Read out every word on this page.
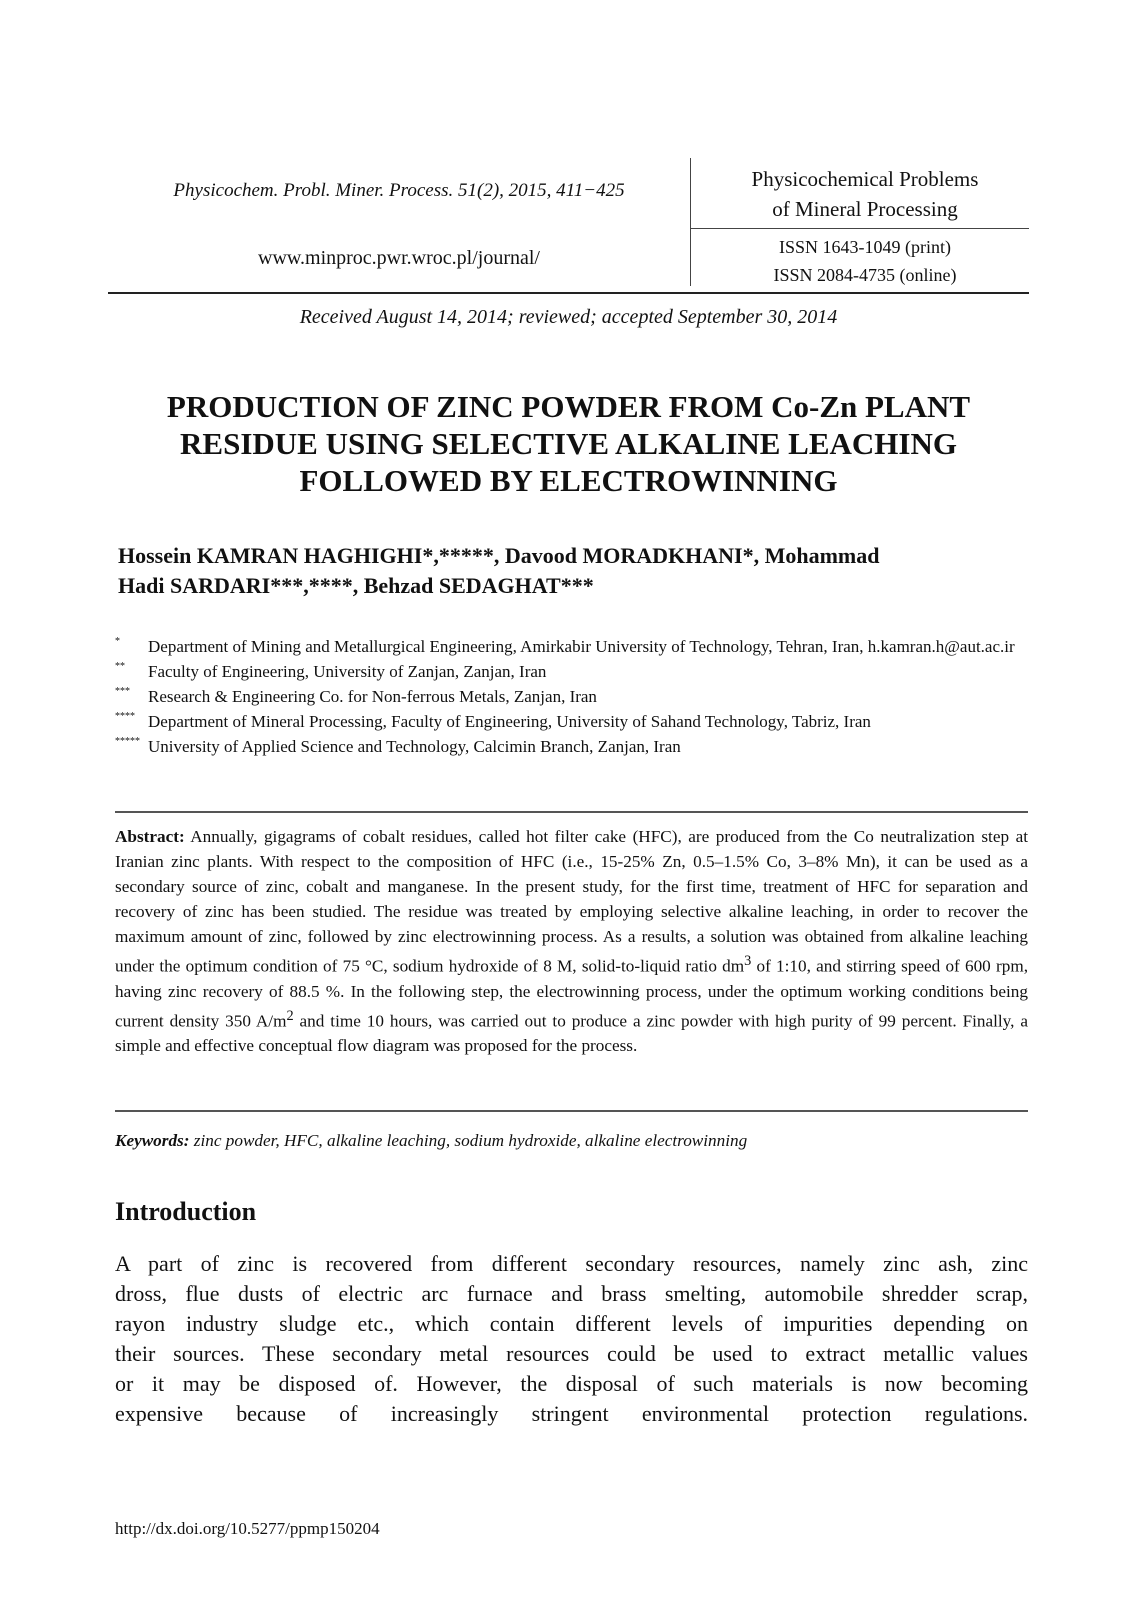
Physicochem. Probl. Miner. Process. 51(2), 2015, 411−425
www.minproc.pwr.wroc.pl/journal/
Physicochemical Problems
of Mineral Processing
ISSN 1643-1049 (print)
ISSN 2084-4735 (online)
Received August 14, 2014; reviewed; accepted September 30, 2014
PRODUCTION OF ZINC POWDER FROM Co-Zn PLANT
RESIDUE USING SELECTIVE ALKALINE LEACHING
FOLLOWED BY ELECTROWINNING
Hossein KAMRAN HAGHIGHI*,*****, Davood MORADKHANI*, Mohammad
Hadi SARDARI***,****, Behzad SEDAGHAT***
* Department of Mining and Metallurgical Engineering, Amirkabir University of Technology, Tehran, Iran, h.kamran.h@aut.ac.ir
** Faculty of Engineering, University of Zanjan, Zanjan, Iran
*** Research & Engineering Co. for Non-ferrous Metals, Zanjan, Iran
**** Department of Mineral Processing, Faculty of Engineering, University of Sahand Technology, Tabriz, Iran
***** University of Applied Science and Technology, Calcimin Branch, Zanjan, Iran
Abstract: Annually, gigagrams of cobalt residues, called hot filter cake (HFC), are produced from the Co neutralization step at Iranian zinc plants. With respect to the composition of HFC (i.e., 15-25% Zn, 0.5–1.5% Co, 3–8% Mn), it can be used as a secondary source of zinc, cobalt and manganese. In the present study, for the first time, treatment of HFC for separation and recovery of zinc has been studied. The residue was treated by employing selective alkaline leaching, in order to recover the maximum amount of zinc, followed by zinc electrowinning process. As a results, a solution was obtained from alkaline leaching under the optimum condition of 75 °C, sodium hydroxide of 8 M, solid-to-liquid ratio $dm^3$ of 1:10, and stirring speed of 600 rpm, having zinc recovery of 88.5 %. In the following step, the electrowinning process, under the optimum working conditions being current density 350 $A/m^2$ and time 10 hours, was carried out to produce a zinc powder with high purity of 99 percent. Finally, a simple and effective conceptual flow diagram was proposed for the process.
Keywords: zinc powder, HFC, alkaline leaching, sodium hydroxide, alkaline electrowinning
Introduction
A part of zinc is recovered from different secondary resources, namely zinc ash, zinc
dross, flue dusts of electric arc furnace and brass smelting, automobile shredder scrap,
rayon industry sludge etc., which contain different levels of impurities depending on
their sources. These secondary metal resources could be used to extract metallic values
or it may be disposed of. However, the disposal of such materials is now becoming
expensive because of increasingly stringent environmental protection regulations.
http://dx.doi.org/10.5277/ppmp150204
